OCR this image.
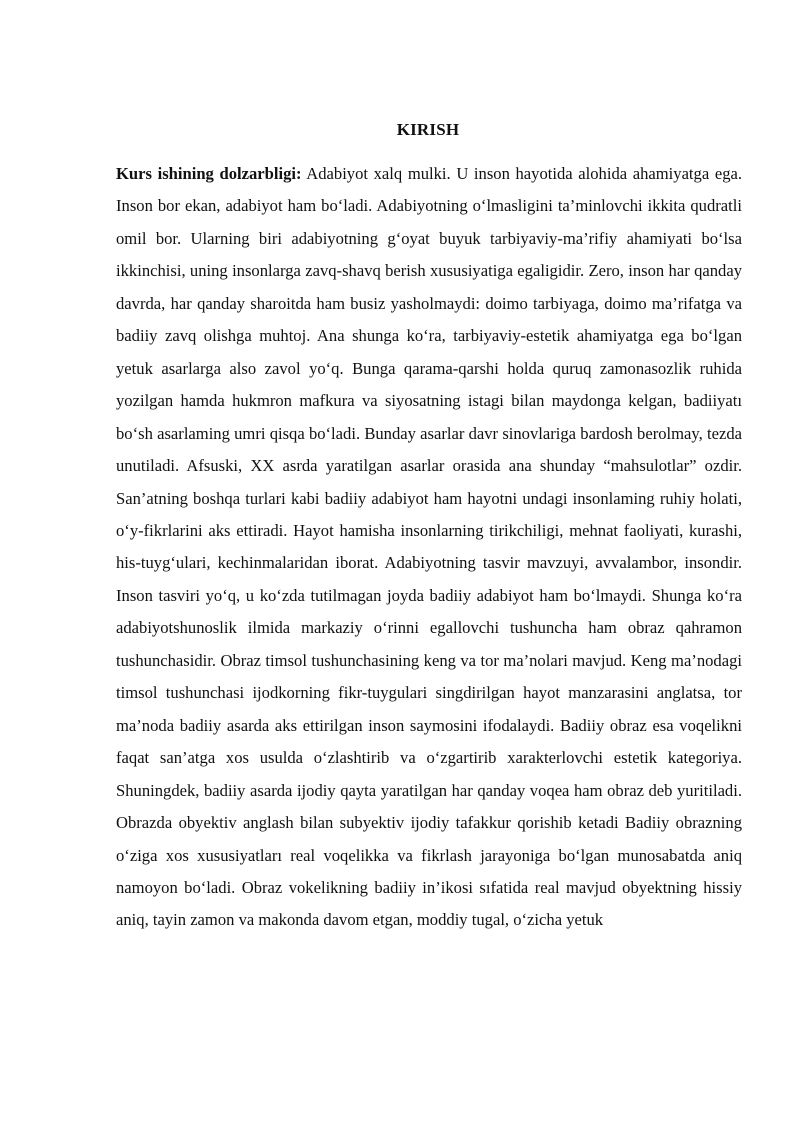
KIRISH

Kurs ishining dolzarbligi: Adabiyot xalq mulki. U inson hayotida alohida ahamiyatga ega. Inson bor ekan, adabiyot ham bo‘ladi. Adabiyotning o‘lmasligini ta’minlovchi ikkita qudratli omil bor. Ularning biri adabiyotning g‘oyat buyuk tarbiyaviy-ma’rifiy ahamiyati bo‘lsa ikkinchisi, uning insonlarga zavq-shavq berish xususiyatiga egaligidir. Zero, inson har qanday davrda, har qanday sharoitda ham busiz yasholmaydi: doimo tarbiyaga, doimo ma’rifatga va badiiy zavq olishga muhtoj. Ana shunga ko‘ra, tarbiyaviy-estetik ahamiyatga ega bo‘lgan yetuk asarlarga also zavol yo‘q. Bunga qarama-qarshi holda quruq zamonasozlik ruhida yozilgan hamda hukmron mafkura va siyosatning istagi bilan maydonga kelgan, badiiyatı bo‘sh asarlaming umri qisqa bo‘ladi. Bunday asarlar davr sinovlariga bardosh berolmay, tezda unutiladi. Afsuski, XX asrda yaratilgan asarlar orasida ana shunday “mahsulotlar” ozdir. San’atning boshqa turlari kabi badiiy adabiyot ham hayotni undagi insonlaming ruhiy holati, o‘y-fikrlarini aks ettiradi. Hayot hamisha insonlarning tirikchiligi, mehnat faoliyati, kurashi, his-tuyg‘ulari, kechinmalaridan iborat. Adabiyotning tasvir mavzuyi, avvalambor, insondir. Inson tasviri yo‘q, u ko‘zda tutilmagan joyda badiiy adabiyot ham bo‘lmaydi. Shunga ko‘ra adabiyotshunoslik ilmida markaziy o‘rinni egallovchi tushuncha ham obraz qahramon tushunchasidir. Obraz timsol tushunchasining keng va tor ma’nolari mavjud. Keng ma’nodagi timsol tushunchasi ijodkorning fikr-tuygulari singdirilgan hayot manzarasini anglatsa, tor ma’noda badiiy asarda aks ettirilgan inson saymosini ifodalaydi. Badiiy obraz esa voqelikni faqat san’atga xos usulda o‘zlashtirib va o‘zgartirib xarakterlovchi estetik kategoriya. Shuningdek, badiiy asarda ijodiy qayta yaratilgan har qanday voqea ham obraz deb yuritiladi. Obrazda obyektiv anglash bilan subyektiv ijodiy tafakkur qorishib ketadi Badiiy obrazning o‘ziga xos xususiyatları real voqelikka va fikrlash jarayoniga bo‘lgan munosabatda aniq namoyon bo‘ladi. Obraz vokelikning badiiy in’ikosi sıfatida real mavjud obyektning hissiy aniq, tayin zamon va makonda davom etgan, moddiy tugal, o‘zicha yetuk
